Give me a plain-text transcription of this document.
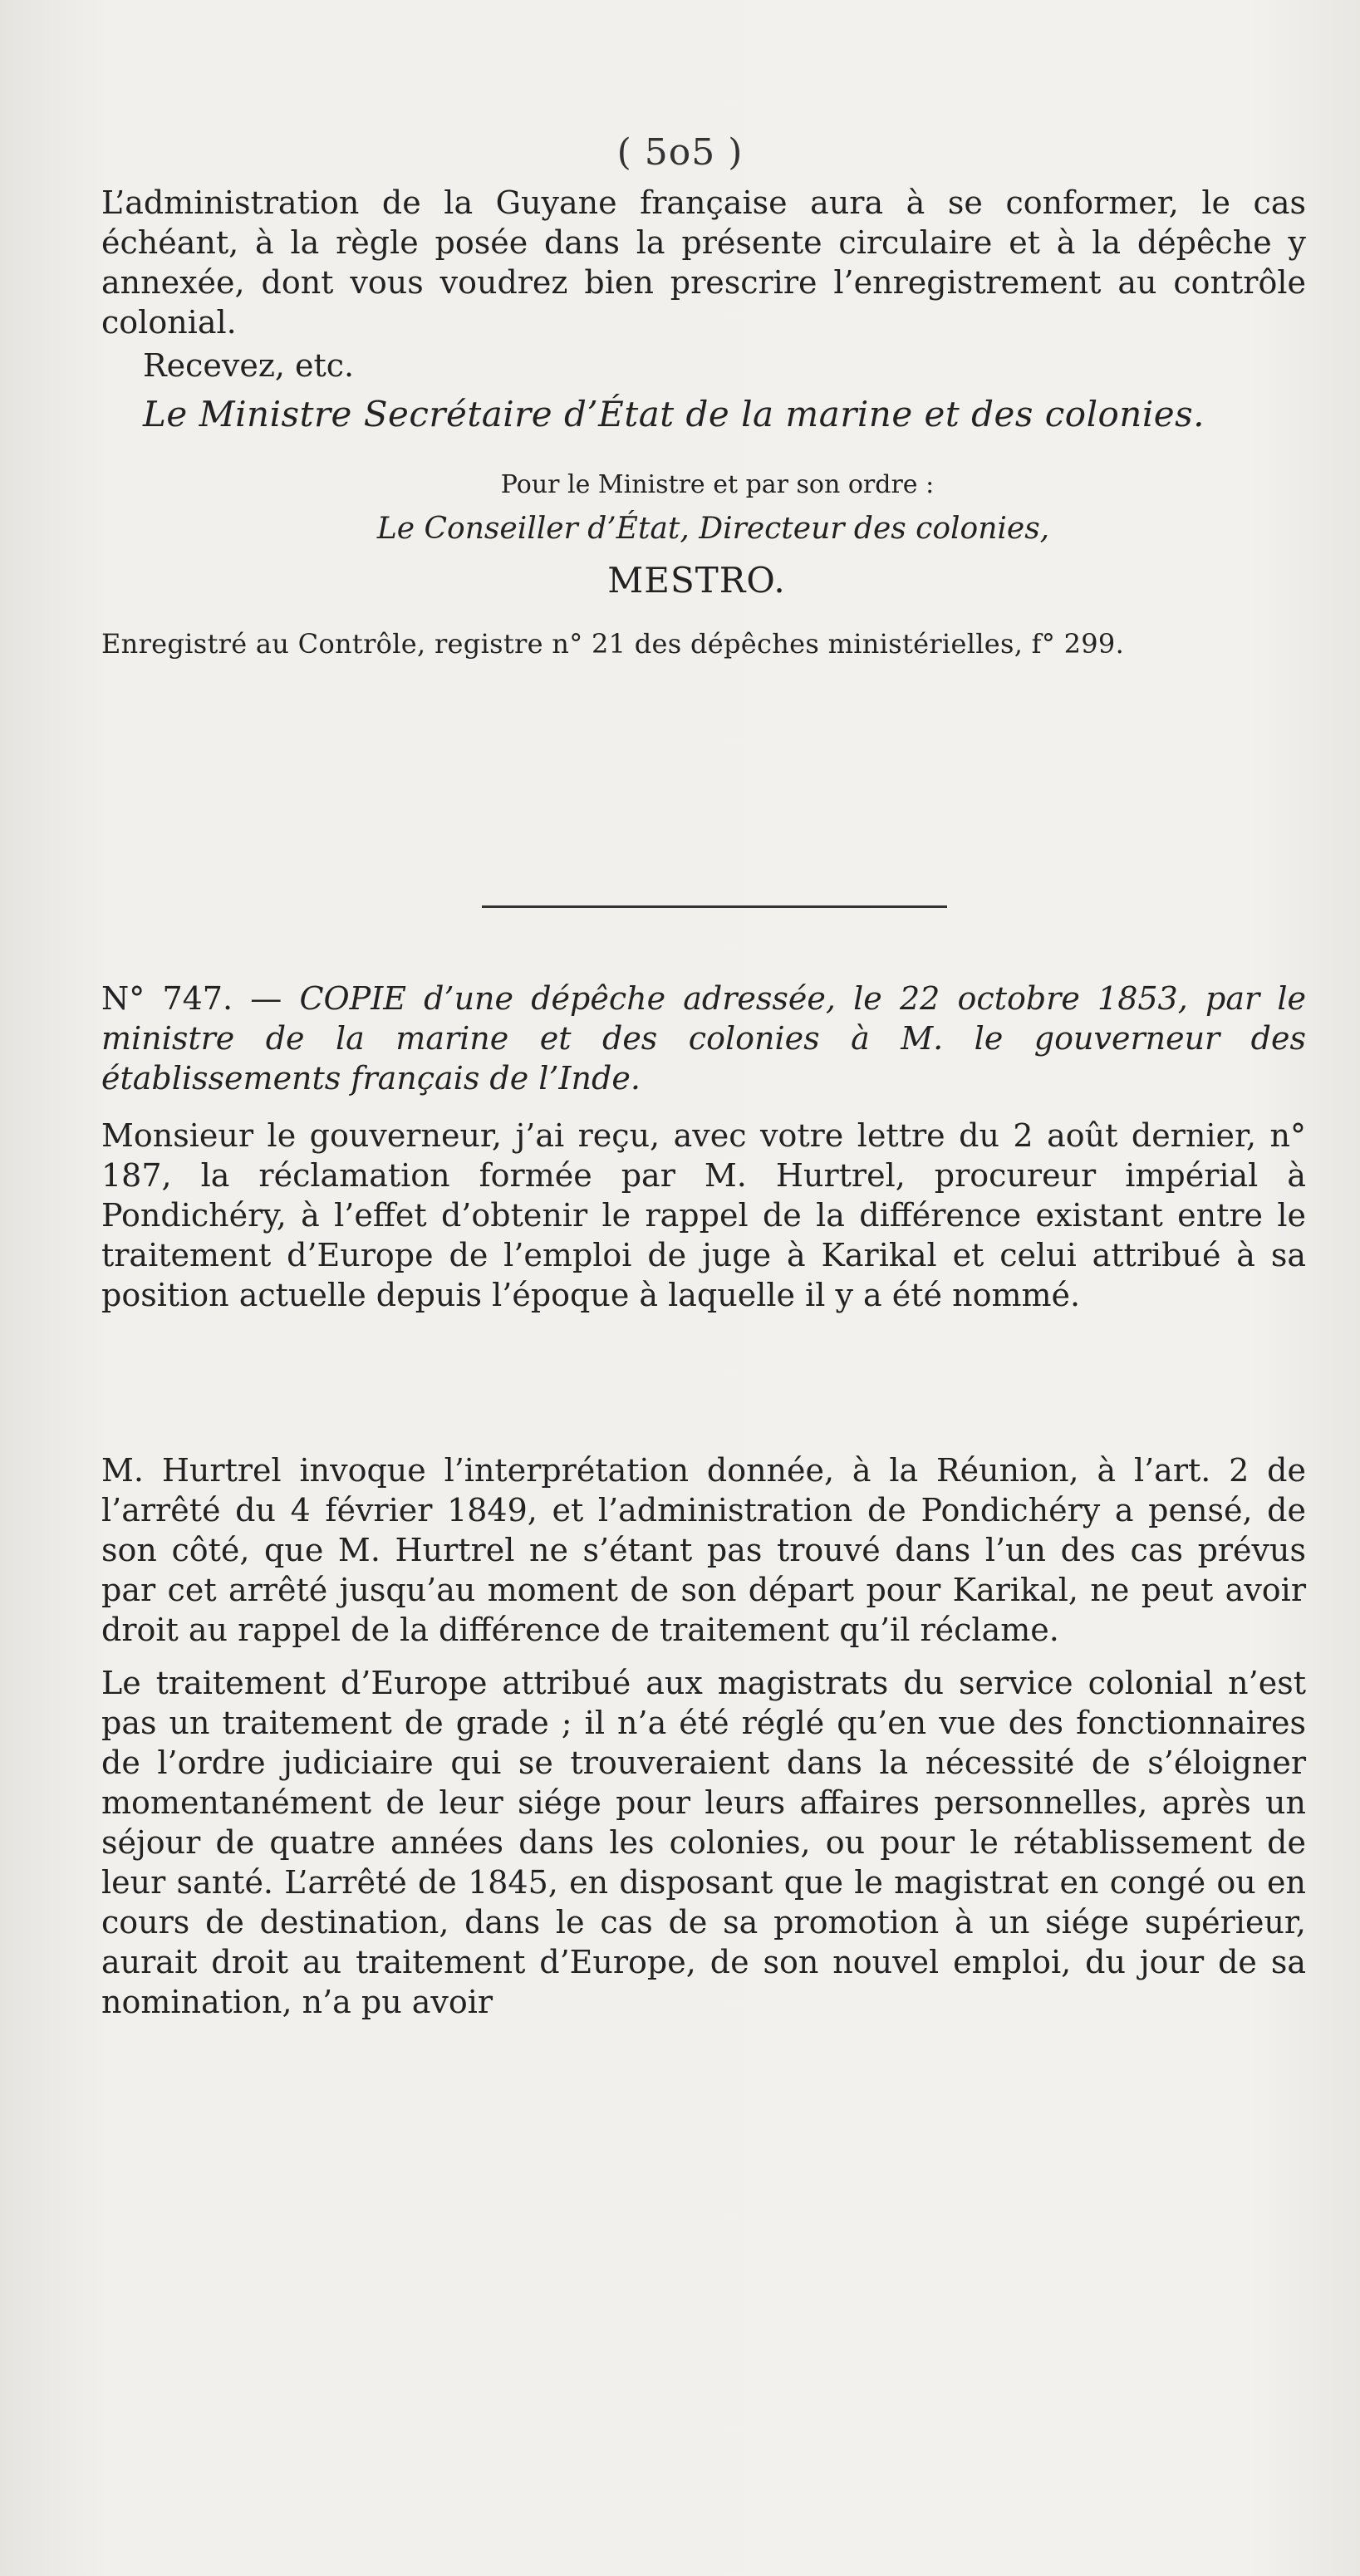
( 5o5 )

L’administration de la Guyane française aura à se conformer, le cas échéant, à la règle posée dans la présente circulaire et à la dépêche y annexée, dont vous voudrez bien prescrire l’enregistrement au contrôle colonial.

Recevez, etc.
Le Ministre Secrétaire d’État de la marine et des colonies.
Pour le Ministre et par son ordre :
Le Conseiller d’État, Directeur des colonies,
MESTRO.
Enregistré au Contrôle, registre n° 21 des dépêches ministérielles, f° 299.

N° 747. — COPIE d’une dépêche adressée, le 22 octobre 1853, par le ministre de la marine et des colonies à M. le gouverneur des établissements français de l’Inde.

Monsieur le gouverneur, j’ai reçu, avec votre lettre du 2 août dernier, n° 187, la réclamation formée par M. Hurtrel, procureur impérial à Pondichéry, à l’effet d’obtenir le rappel de la différence existant entre le traitement d’Europe de l’emploi de juge à Karikal et celui attribué à sa position actuelle depuis l’époque à laquelle il y a été nommé.

M. Hurtrel invoque l’interprétation donnée, à la Réunion, à l’art. 2 de l’arrêté du 4 février 1849, et l’administration de Pondichéry a pensé, de son côté, que M. Hurtrel ne s’étant pas trouvé dans l’un des cas prévus par cet arrêté jusqu’au moment de son départ pour Karikal, ne peut avoir droit au rappel de la différence de traitement qu’il réclame.

Le traitement d’Europe attribué aux magistrats du service colonial n’est pas un traitement de grade ; il n’a été réglé qu’en vue des fonctionnaires de l’ordre judiciaire qui se trouveraient dans la nécessité de s’éloigner momentanément de leur siége pour leurs affaires personnelles, après un séjour de quatre années dans les colonies, ou pour le rétablissement de leur santé. L’arrêté de 1845, en disposant que le magistrat en congé ou en cours de destination, dans le cas de sa promotion à un siége supérieur, aurait droit au traitement d’Europe, de son nouvel emploi, du jour de sa nomination, n’a pu avoir
